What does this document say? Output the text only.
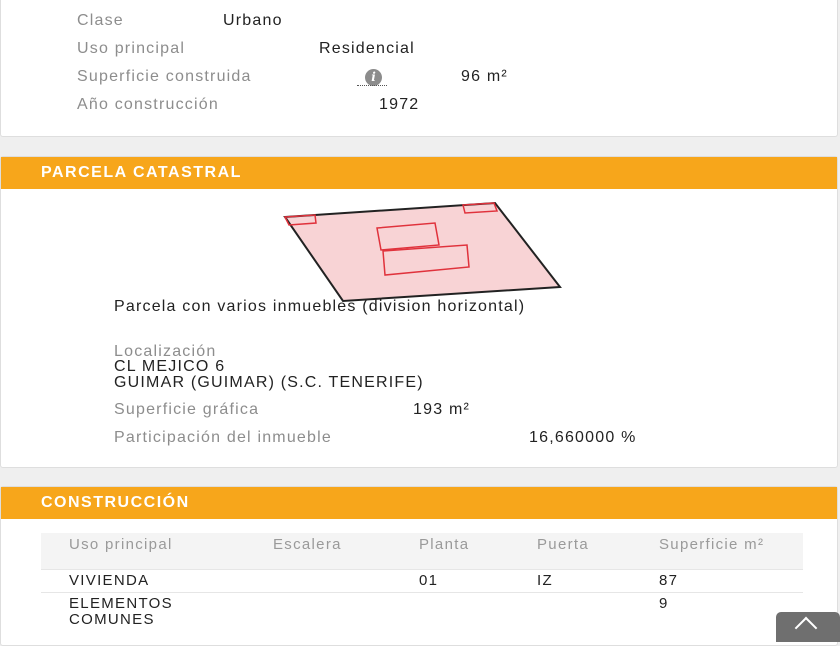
Clase	Urbano
Uso principal	Residencial
Superficie construida	i	96 m²
Año construcción	1972
PARCELA CATASTRAL
Parcela con varios inmuebles (division horizontal)
Localización
CL MEJICO 6
GUIMAR (GUIMAR) (S.C. TENERIFE)
Superficie gráfica	193 m²
Participación del inmueble	16,660000 %
CONSTRUCCIÓN
Uso principal	Escalera	Planta	Puerta	Superficie m²
VIVIENDA		01	IZ	87
ELEMENTOS COMUNES				9
